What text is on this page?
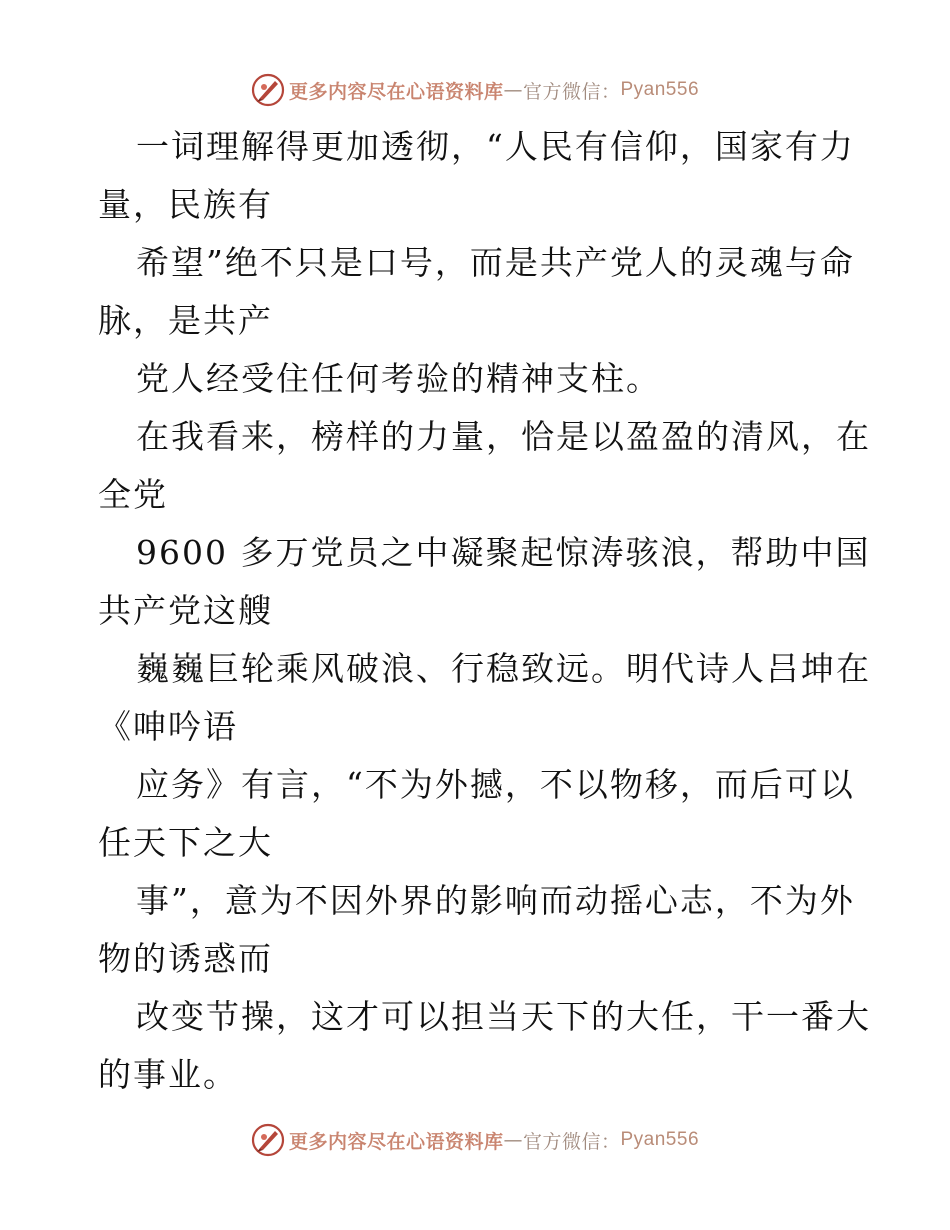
更多内容尽在心语资料库 — 官方微信： Pyan556
一词理解得更加透彻，“人民有信仰，国家有力
量，民族有
希望”绝不只是口号，而是共产党人的灵魂与命
脉，是共产
党人经受住任何考验的精神支柱。
在我看来，榜样的力量，恰是以盈盈的清风，在
全党
9600 多万党员之中凝聚起惊涛骇浪，帮助中国
共产党这艘
巍巍巨轮乘风破浪、行稳致远。明代诗人吕坤在
《呻吟语
应务》有言，“不为外撼，不以物移，而后可以
任天下之大
事”，意为不因外界的影响而动摇心志，不为外
物的诱惑而
改变节操，这才可以担当天下的大任，干一番大
的事业。
更多内容尽在心语资料库 — 官方微信： Pyan556
